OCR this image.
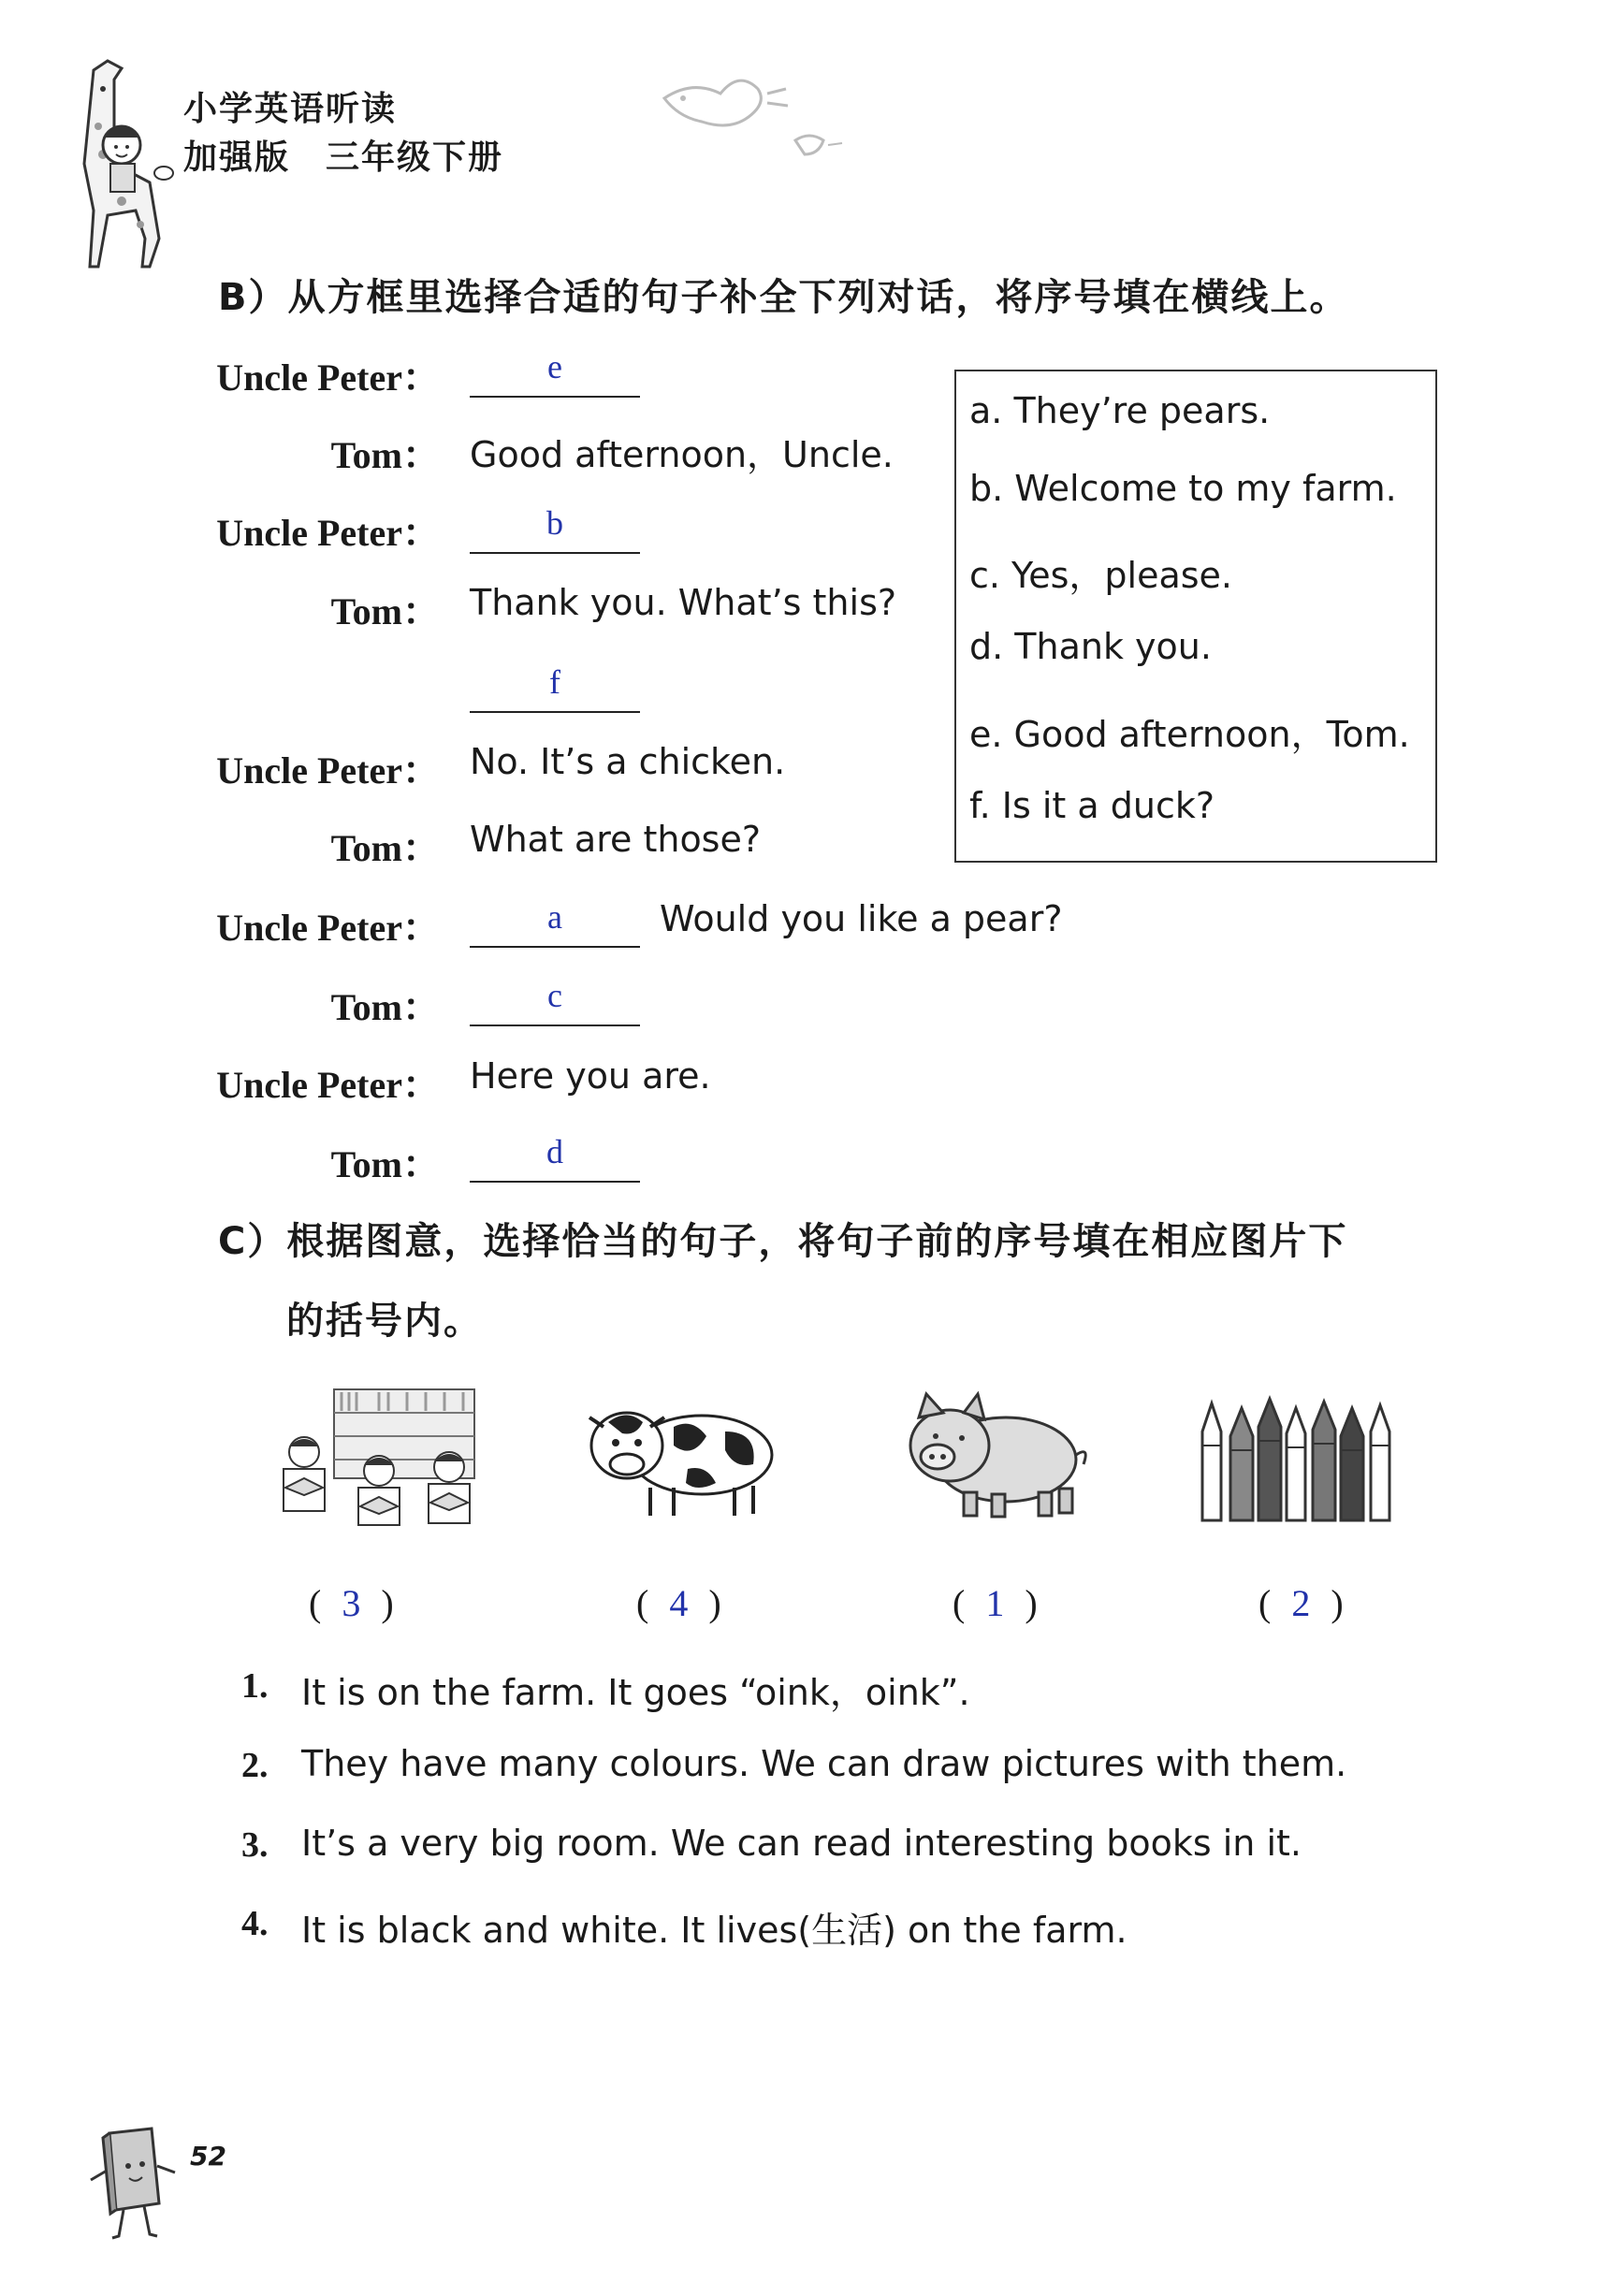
小学英语听读
加强版　三年级下册
B）从方框里选择合适的句子补全下列对话，将序号填在横线上。
Uncle Peter：	e
Tom： Good afternoon，Uncle.
Uncle Peter：	b
Tom： Thank you. What’s this?
f
Uncle Peter： No. It’s a chicken.
Tom： What are those?
Uncle Peter：	a	Would you like a pear?
Tom：	c
Uncle Peter： Here you are.
Tom：	d
a. They’re pears.
b. Welcome to my farm.
c. Yes，please.
d. Thank you.
e. Good afternoon，Tom.
f. Is it a duck?
C）根据图意，选择恰当的句子，将句子前的序号填在相应图片下
的括号内。
( 3 )	( 4 )	( 1 )	( 2 )
1. It is on the farm. It goes “oink，oink”.
2. They have many colours. We can draw pictures with them.
3. It’s a very big room. We can read interesting books in it.
4. It is black and white. It lives(生活) on the farm.
52
